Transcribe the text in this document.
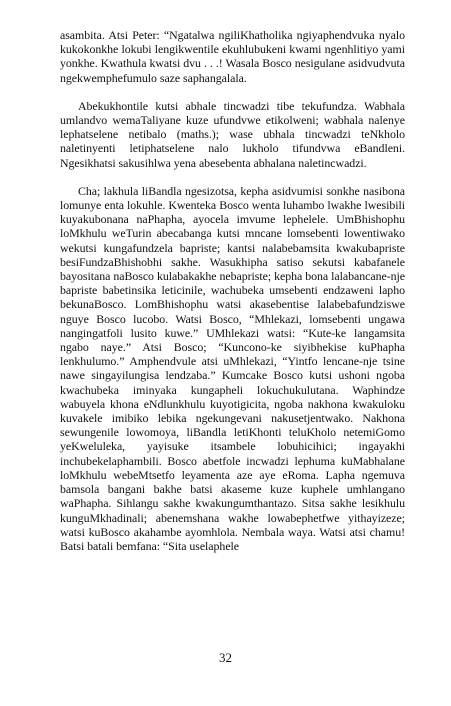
asambita. Atsi Peter: “Ngatalwa ngiliKhatholika ngiyaphendvuka nyalo kukokonkhe lokubi lengikwentile ekuhlubukeni kwami ngenhlitiyo yami yonkhe. Kwathula kwatsi dvu . . .! Wasala Bosco nesigulane asidvudvuta ngekwemphefumulo saze saphangalala.

Abekukhontile kutsi abhale tincwadzi tibe tekufundza. Wabhala umlandvo wemaTaliyane kuze ufundvwe etikolweni; wabhala nalenye lephatselene netibalo (maths.); wase ubhala tincwadzi teNkholo naletinyenti letiphatselene nalo lukholo tifundvwa eBandleni. Ngesikhatsi sakusihlwa yena abesebenta abhalana naletincwadzi.

Cha; lakhula liBandla ngesizotsa, kepha asidvumisi sonkhe nasibona lomunye enta lokuhle. Kwenteka Bosco wenta luhambo lwakhe lwesibili kuyakubonana naPhapha, ayocela imvume lephelele. UmBhishophu loMkhulu weTurin abecabanga kutsi mncane lomsebenti lowentiwako wekutsi kungafundzela bapriste; kantsi nalabebamsita kwakubapriste besiFundzaBhishobhi sakhe. Wasukhipha satiso sekutsi kabafanele bayositana naBosco kulabakakhe nebapriste; kepha bona lalabancane-nje bapriste babetinsika leticinile, wachubeka umsebenti endzaweni lapho bekunaBosco. LomBhishophu watsi akasebentise lalabebafundziswe nguye Bosco lucobo. Watsi Bosco, “Mhlekazi, lomsebenti ungawa nangingatfoli lusito kuwe.” UMhlekazi watsi: “Kute-ke langamsita ngabo naye.” Atsi Bosco; “Kuncono-ke siyibhekise kuPhapha lenkhulumo.” Amphendvule atsi uMhlekazi, “Yintfo lencane-nje tsine nawe singayilungisa lendzaba.” Kumcake Bosco kutsi ushoni ngoba kwachubeka iminyaka kungapheli lokuchukulutana. Waphindze wabuyela khona eNdlunkhulu kuyotigicita, ngoba nakhona kwakuloku kuvakele imibiko lebika ngekungevani nakusetjentwako. Nakhona sewungenile lowomoya, liBandla letiKhonti teluKholo netemiGomo yeKweluleka, yayisuke itsambele lobuhicihici; ingayakhi inchubekelaphambili. Bosco abetfole incwadzi lephuma kuMabhalane loMkhulu webeMtsetfo leyamenta aze aye eRoma. Lapha ngemuva bamsola bangani bakhe batsi akaseme kuze kuphele umhlangano waPhapha. Sihlangu sakhe kwakungumthantazo. Sitsa sakhe lesikhulu kunguMkhadinali; abenemshana wakhe lowabephetfwe yithayizeze; watsi kuBosco akahambe ayomhlola. Nembala waya. Watsi atsi chamu! Batsi batali bemfana: “Sita uselaphele

32
